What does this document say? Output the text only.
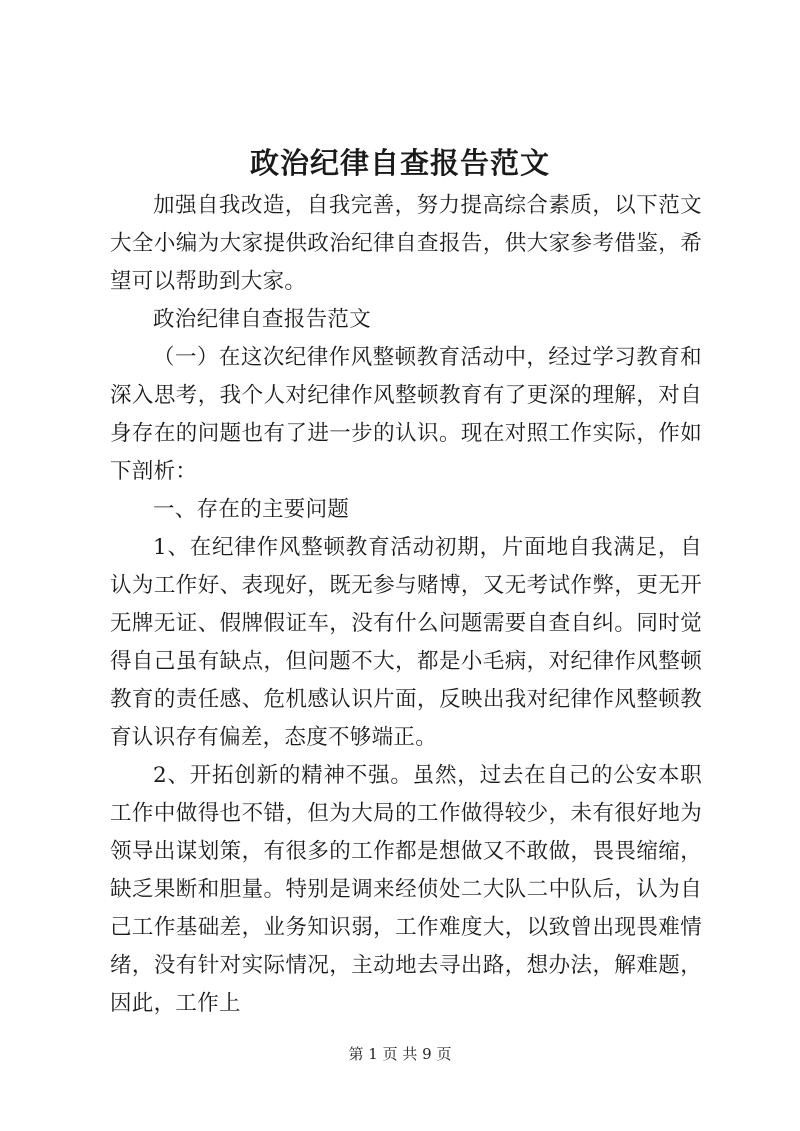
政治纪律自查报告范文

加强自我改造，自我完善，努力提高综合素质，以下范文大全小编为大家提供政治纪律自查报告，供大家参考借鉴，希望可以帮助到大家。

政治纪律自查报告范文

（一）在这次纪律作风整顿教育活动中，经过学习教育和深入思考，我个人对纪律作风整顿教育有了更深的理解，对自身存在的问题也有了进一步的认识。现在对照工作实际，作如下剖析：

一、存在的主要问题

1、在纪律作风整顿教育活动初期，片面地自我满足，自认为工作好、表现好，既无参与赌博，又无考试作弊，更无开无牌无证、假牌假证车，没有什么问题需要自查自纠。同时觉得自己虽有缺点，但问题不大，都是小毛病，对纪律作风整顿教育的责任感、危机感认识片面，反映出我对纪律作风整顿教育认识存有偏差，态度不够端正。

2、开拓创新的精神不强。虽然，过去在自己的公安本职工作中做得也不错，但为大局的工作做得较少，未有很好地为领导出谋划策，有很多的工作都是想做又不敢做，畏畏缩缩，缺乏果断和胆量。特别是调来经侦处二大队二中队后，认为自己工作基础差，业务知识弱，工作难度大，以致曾出现畏难情绪，没有针对实际情况，主动地去寻出路，想办法，解难题，因此，工作上

第 1 页 共 9 页
